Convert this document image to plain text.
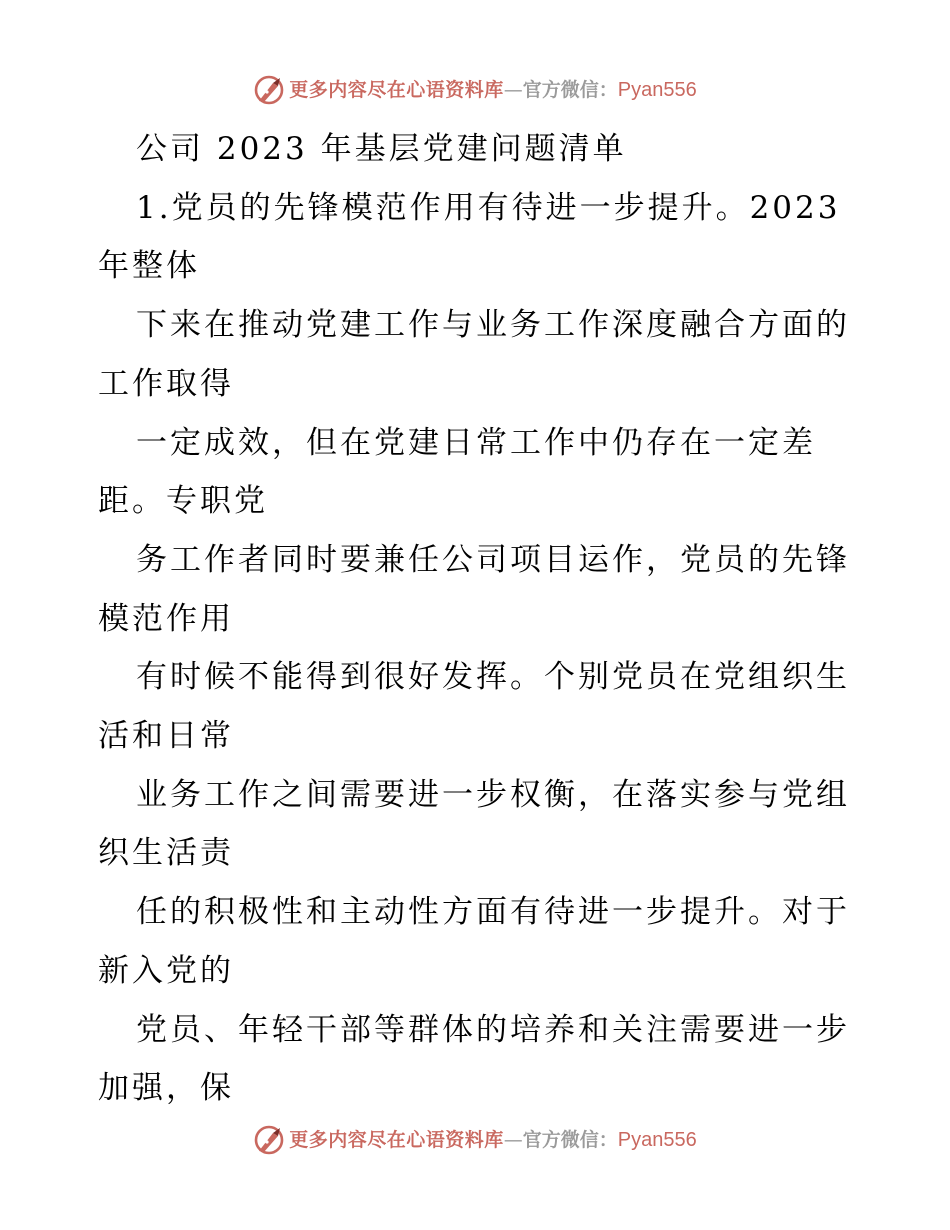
更多内容尽在心语资料库 — 官方微信： Pyan556
公司 2023 年基层党建问题清单
1.党员的先锋模范作用有待进一步提升。2023
年整体
下来在推动党建工作与业务工作深度融合方面的
工作取得
一定成效，但在党建日常工作中仍存在一定差
距。专职党
务工作者同时要兼任公司项目运作，党员的先锋
模范作用
有时候不能得到很好发挥。个别党员在党组织生
活和日常
业务工作之间需要进一步权衡，在落实参与党组
织生活责
任的积极性和主动性方面有待进一步提升。对于
新入党的
党员、年轻干部等群体的培养和关注需要进一步
加强，保
更多内容尽在心语资料库 — 官方微信： Pyan556
